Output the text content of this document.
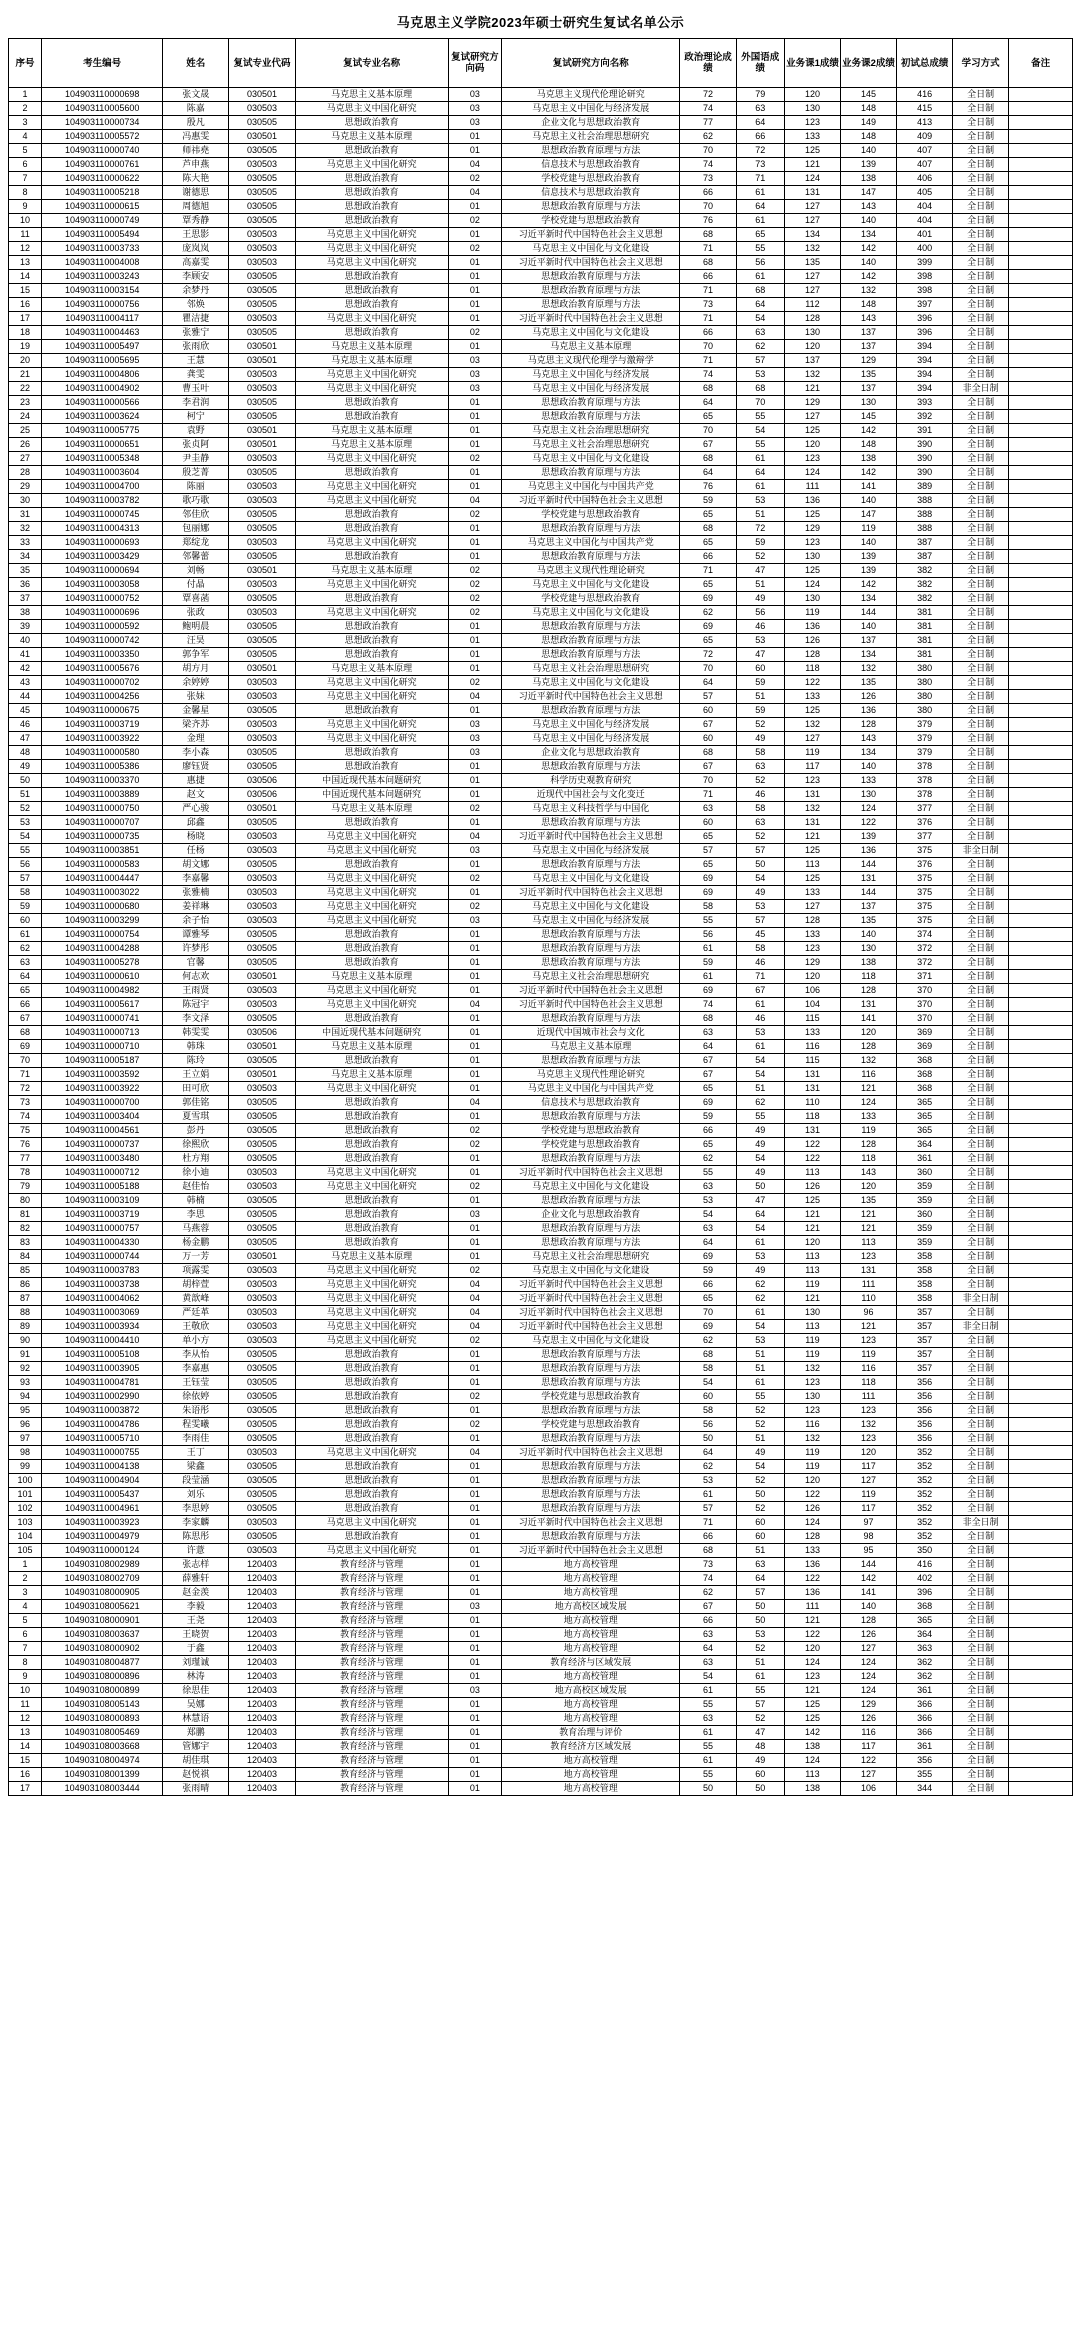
马克思主义学院2023年硕士研究生复试名单公示
序号	考生编号	姓名	复试专业代码	复试专业名称	复试研究方向码	复试研究方向名称	政治理论成绩	外国语成绩	业务课1成绩	业务课2成绩	初试总成绩	学习方式	备注
1	104903110000698	张文晟	030501	马克思主义基本原理	03	马克思主义现代伦理论研究	72	79	120	145	416	全日制	
2	104903110005600	陈嘉	030503	马克思主义中国化研究	03	马克思主义中国化与经济发展	74	63	130	148	415	全日制	
3	104903110000734	殷凡	030505	思想政治教育	03	企业文化与思想政治教育	77	64	123	149	413	全日制	
4	104903110005572	冯惠雯	030501	马克思主义基本原理	01	马克思主义社会治理思想研究	62	66	133	148	409	全日制	
5	104903110000740	师祎堯	030505	思想政治教育	01	思想政治教育原理与方法	70	72	125	140	407	全日制	
6	104903110000761	芦申燕	030503	马克思主义中国化研究	04	信息技术与思想政治教育	74	73	121	139	407	全日制	
7	104903110000622	陈大艳	030505	思想政治教育	02	学校党建与思想政治教育	73	71	124	138	406	全日制	
8	104903110005218	谢德思	030505	思想政治教育	04	信息技术与思想政治教育	66	61	131	147	405	全日制	
9	104903110000615	周德旭	030505	思想政治教育	01	思想政治教育原理与方法	70	64	127	143	404	全日制	
10	104903110000749	覃秀静	030505	思想政治教育	02	学校党建与思想政治教育	76	61	127	140	404	全日制	
11	104903110005494	王思影	030503	马克思主义中国化研究	01	习近平新时代中国特色社会主义思想	68	65	134	134	401	全日制	
12	104903110003733	庞岚岚	030503	马克思主义中国化研究	02	马克思主义中国化与文化建设	71	55	132	142	400	全日制	
13	104903110004008	高嘉雯	030503	马克思主义中国化研究	01	习近平新时代中国特色社会主义思想	68	56	135	140	399	全日制	
14	104903110003243	李顾安	030505	思想政治教育	01	思想政治教育原理与方法	66	61	127	142	398	全日制	
15	104903110003154	余梦丹	030505	思想政治教育	01	思想政治教育原理与方法	71	68	127	132	398	全日制	
16	104903110000756	邻焕	030505	思想政治教育	01	思想政治教育原理与方法	73	64	112	148	397	全日制	
17	104903110004117	瞿洁捷	030503	马克思主义中国化研究	01	习近平新时代中国特色社会主义思想	71	54	128	143	396	全日制	
18	104903110004463	张雅宁	030505	思想政治教育	02	马克思主义中国化与文化建设	66	63	130	137	396	全日制	
19	104903110005497	张雨欣	030501	马克思主义基本原理	01	马克思主义基本原理	70	62	120	137	394	全日制	
20	104903110005695	王慧	030501	马克思主义基本原理	03	马克思主义现代伦理学与激辩学	71	57	137	129	394	全日制	
21	104903110004806	龚雯	030503	马克思主义中国化研究	03	马克思主义中国化与经济发展	74	53	132	135	394	全日制	
22	104903110004902	曹玉叶	030503	马克思主义中国化研究	03	马克思主义中国化与经济发展	68	68	121	137	394	非全日制	
23	104903110000566	李君润	030505	思想政治教育	01	思想政治教育原理与方法	64	70	129	130	393	全日制	
24	104903110003624	柯宁	030505	思想政治教育	01	思想政治教育原理与方法	65	55	127	145	392	全日制	
25	104903110005775	袁野	030501	马克思主义基本原理	01	马克思主义社会治理思想研究	70	54	125	142	391	全日制	
26	104903110000651	张贞阿	030501	马克思主义基本原理	01	马克思主义社会治理思想研究	67	55	120	148	390	全日制	
27	104903110005348	尹圭静	030503	马克思主义中国化研究	02	马克思主义中国化与文化建设	68	61	123	138	390	全日制	
28	104903110003604	殷芝菁	030505	思想政治教育	01	思想政治教育原理与方法	64	64	124	142	390	全日制	
29	104903110004700	陈丽	030503	马克思主义中国化研究	01	马克思主义中国化与中国共产党	76	61	111	141	389	全日制	
30	104903110003782	歌巧歌	030503	马克思主义中国化研究	04	习近平新时代中国特色社会主义思想	59	53	136	140	388	全日制	
31	104903110000745	邻佳欣	030505	思想政治教育	02	学校党建与思想政治教育	65	51	125	147	388	全日制	
32	104903110004313	包丽娜	030505	思想政治教育	01	思想政治教育原理与方法	68	72	129	119	388	全日制	
33	104903110000693	郑绽龙	030503	马克思主义中国化研究	01	马克思主义中国化与中国共产党	65	59	123	140	387	全日制	
34	104903110003429	邻馨蕾	030505	思想政治教育	01	思想政治教育原理与方法	66	52	130	139	387	全日制	
35	104903110000694	刘畅	030501	马克思主义基本原理	02	马克思主义现代性理论研究	71	47	125	139	382	全日制	
36	104903110003058	付晶	030503	马克思主义中国化研究	02	马克思主义中国化与文化建设	65	51	124	142	382	全日制	
37	104903110000752	覃喜菡	030505	思想政治教育	02	学校党建与思想政治教育	69	49	130	134	382	全日制	
38	104903110000696	张政	030503	马克思主义中国化研究	02	马克思主义中国化与文化建设	62	56	119	144	381	全日制	
39	104903110000592	鲍明晨	030505	思想政治教育	01	思想政治教育原理与方法	69	46	136	140	381	全日制	
40	104903110000742	汪昊	030505	思想政治教育	01	思想政治教育原理与方法	65	53	126	137	381	全日制	
41	104903110003350	郭争军	030505	思想政治教育	01	思想政治教育原理与方法	72	47	128	134	381	全日制	
42	104903110005676	胡方月	030501	马克思主义基本原理	01	马克思主义社会治理思想研究	70	60	118	132	380	全日制	
43	104903110000702	余婷婷	030503	马克思主义中国化研究	02	马克思主义中国化与文化建设	64	59	122	135	380	全日制	
44	104903110004256	张妹	030503	马克思主义中国化研究	04	习近平新时代中国特色社会主义思想	57	51	133	126	380	全日制	
45	104903110000675	金馨星	030505	思想政治教育	01	思想政治教育原理与方法	60	59	125	136	380	全日制	
46	104903110003719	梁齐苏	030503	马克思主义中国化研究	03	马克思主义中国化与经济发展	67	52	132	128	379	全日制	
47	104903110003922	金理	030503	马克思主义中国化研究	03	马克思主义中国化与经济发展	60	49	127	143	379	全日制	
48	104903110000580	李小森	030505	思想政治教育	03	企业文化与思想政治教育	68	58	119	134	379	全日制	
49	104903110005386	廖钰贤	030505	思想政治教育	01	思想政治教育原理与方法	67	63	117	140	378	全日制	
50	104903110003370	惠捷	030506	中国近现代基本问题研究	01	科学历史观教育研究	70	52	123	133	378	全日制	
51	104903110003889	赵文	030506	中国近现代基本问题研究	01	近现代中国社会与文化变迁	71	46	131	130	378	全日制	
52	104903110000750	严心骏	030501	马克思主义基本原理	02	马克思主义科技哲学与中国化	63	58	132	124	377	全日制	
53	104903110000707	邱鑫	030505	思想政治教育	01	思想政治教育原理与方法	60	63	131	122	376	全日制	
54	104903110000735	杨晓	030503	马克思主义中国化研究	04	习近平新时代中国特色社会主义思想	65	52	121	139	377	全日制	
55	104903110003851	任杨	030503	马克思主义中国化研究	03	马克思主义中国化与经济发展	57	57	125	136	375	非全日制	
56	104903110000583	胡文娜	030505	思想政治教育	01	思想政治教育原理与方法	65	50	113	144	376	全日制	
57	104903110004447	李嘉馨	030503	马克思主义中国化研究	02	马克思主义中国化与文化建设	69	54	125	131	375	全日制	
58	104903110003022	张雅楠	030503	马克思主义中国化研究	01	习近平新时代中国特色社会主义思想	69	49	133	144	375	全日制	
59	104903110000680	姜祥琳	030503	马克思主义中国化研究	02	马克思主义中国化与文化建设	58	53	127	137	375	全日制	
60	104903110003299	余子怡	030503	马克思主义中国化研究	03	马克思主义中国化与经济发展	55	57	128	135	375	全日制	
61	104903110000754	谭雅琴	030505	思想政治教育	01	思想政治教育原理与方法	56	45	133	140	374	全日制	
62	104903110004288	许梦彤	030505	思想政治教育	01	思想政治教育原理与方法	61	58	123	130	372	全日制	
63	104903110005278	官馨	030505	思想政治教育	01	思想政治教育原理与方法	59	46	129	138	372	全日制	
64	104903110000610	何志欢	030501	马克思主义基本原理	01	马克思主义社会治理思想研究	61	71	120	118	371	全日制	
65	104903110004982	王雨贤	030503	马克思主义中国化研究	01	习近平新时代中国特色社会主义思想	69	67	106	128	370	全日制	
66	104903110005617	陈冠宇	030503	马克思主义中国化研究	04	习近平新时代中国特色社会主义思想	74	61	104	131	370	全日制	
67	104903110000741	李文泽	030505	思想政治教育	01	思想政治教育原理与方法	68	46	115	141	370	全日制	
68	104903110000713	韩雯雯	030506	中国近现代基本问题研究	01	近现代中国城市社会与文化	63	53	133	120	369	全日制	
69	104903110000710	韩珠	030501	马克思主义基本原理	01	马克思主义基本原理	64	61	116	128	369	全日制	
70	104903110005187	陈玲	030505	思想政治教育	01	思想政治教育原理与方法	67	54	115	132	368	全日制	
71	104903110003592	王立娟	030501	马克思主义基本原理	01	马克思主义现代性理论研究	67	54	131	116	368	全日制	
72	104903110003922	田可欣	030503	马克思主义中国化研究	01	马克思主义中国化与中国共产党	65	51	131	121	368	全日制	
73	104903110000700	郭佳铭	030505	思想政治教育	04	信息技术与思想政治教育	69	62	110	124	365	全日制	
74	104903110003404	夏雪琪	030505	思想政治教育	01	思想政治教育原理与方法	59	55	118	133	365	全日制	
75	104903110004561	彭丹	030505	思想政治教育	02	学校党建与思想政治教育	66	49	131	119	365	全日制	
76	104903110000737	徐熙欣	030505	思想政治教育	02	学校党建与思想政治教育	65	49	122	128	364	全日制	
77	104903110003480	杜方翔	030505	思想政治教育	01	思想政治教育原理与方法	62	54	122	118	361	全日制	
78	104903110000712	徐小迪	030503	马克思主义中国化研究	01	习近平新时代中国特色社会主义思想	55	49	113	143	360	全日制	
79	104903110005188	赵佳怡	030503	马克思主义中国化研究	02	马克思主义中国化与文化建设	63	50	126	120	359	全日制	
80	104903110003109	韩楠	030505	思想政治教育	01	思想政治教育原理与方法	53	47	125	135	359	全日制	
81	104903110003719	李思	030505	思想政治教育	03	企业文化与思想政治教育	54	64	121	121	360	全日制	
82	104903110000757	马燕蓉	030505	思想政治教育	01	思想政治教育原理与方法	63	54	121	121	359	全日制	
83	104903110004330	杨金鹏	030505	思想政治教育	01	思想政治教育原理与方法	64	61	120	113	359	全日制	
84	104903110000744	万一芳	030501	马克思主义基本原理	01	马克思主义社会治理思想研究	69	53	113	123	358	全日制	
85	104903110003783	项露雯	030503	马克思主义中国化研究	02	马克思主义中国化与文化建设	59	49	113	131	358	全日制	
86	104903110003738	胡梓萱	030503	马克思主义中国化研究	04	习近平新时代中国特色社会主义思想	66	62	119	111	358	全日制	
87	104903110004062	黄歆峰	030503	马克思主义中国化研究	04	习近平新时代中国特色社会主义思想	65	62	121	110	358	非全日制	
88	104903110003069	严廷革	030503	马克思主义中国化研究	04	习近平新时代中国特色社会主义思想	70	61	130	96	357	全日制	
89	104903110003934	王敬欣	030503	马克思主义中国化研究	04	习近平新时代中国特色社会主义思想	69	54	113	121	357	非全日制	
90	104903110004410	单小方	030503	马克思主义中国化研究	02	马克思主义中国化与文化建设	62	53	119	123	357	全日制	
91	104903110005108	李从怡	030505	思想政治教育	01	思想政治教育原理与方法	68	51	119	119	357	全日制	
92	104903110003905	李嘉惠	030505	思想政治教育	01	思想政治教育原理与方法	58	51	132	116	357	全日制	
93	104903110004781	王钰莹	030505	思想政治教育	01	思想政治教育原理与方法	54	61	123	118	356	全日制	
94	104903110002990	徐依婷	030505	思想政治教育	02	学校党建与思想政治教育	60	55	130	111	356	全日制	
95	104903110003872	朱语彤	030505	思想政治教育	01	思想政治教育原理与方法	58	52	123	123	356	全日制	
96	104903110004786	程雯曦	030505	思想政治教育	02	学校党建与思想政治教育	56	52	116	132	356	全日制	
97	104903110005710	李雨佳	030505	思想政治教育	01	思想政治教育原理与方法	50	51	132	123	356	全日制	
98	104903110000755	王丁	030503	马克思主义中国化研究	04	习近平新时代中国特色社会主义思想	64	49	119	120	352	全日制	
99	104903110004138	梁鑫	030505	思想政治教育	01	思想政治教育原理与方法	62	54	119	117	352	全日制	
100	104903110004904	段莹涵	030505	思想政治教育	01	思想政治教育原理与方法	53	52	120	127	352	全日制	
101	104903110005437	刘乐	030505	思想政治教育	01	思想政治教育原理与方法	61	50	122	119	352	全日制	
102	104903110004961	李思婷	030505	思想政治教育	01	思想政治教育原理与方法	57	52	126	117	352	全日制	
103	104903110003923	李家麟	030503	马克思主义中国化研究	01	习近平新时代中国特色社会主义思想	71	60	124	97	352	非全日制	
104	104903110004979	陈思彤	030505	思想政治教育	01	思想政治教育原理与方法	66	60	128	98	352	全日制	
105	104903110000124	许薏	030503	马克思主义中国化研究	01	习近平新时代中国特色社会主义思想	68	51	133	95	350	全日制	
1	104903108002989	张志样	120403	教育经济与管理	01	地方高校管理	73	63	136	144	416	全日制	
2	104903108002709	薛雅轩	120403	教育经济与管理	01	地方高校管理	74	64	122	142	402	全日制	
3	104903108000905	赵金羡	120403	教育经济与管理	01	地方高校管理	62	57	136	141	396	全日制	
4	104903108005621	李毅	120403	教育经济与管理	03	地方高校区域发展	67	50	111	140	368	全日制	
5	104903108000901	王尧	120403	教育经济与管理	01	地方高校管理	66	50	121	128	365	全日制	
6	104903108003637	王晓贺	120403	教育经济与管理	01	地方高校管理	63	53	122	126	364	全日制	
7	104903108000902	于鑫	120403	教育经济与管理	01	地方高校管理	64	52	120	127	363	全日制	
8	104903108004877	刘瑾诚	120403	教育经济与管理	01	教育经济与区域发展	63	51	124	124	362	全日制	
9	104903108000896	林涛	120403	教育经济与管理	01	地方高校管理	54	61	123	124	362	全日制	
10	104903108000899	徐思佳	120403	教育经济与管理	03	地方高校区域发展	61	55	121	124	361	全日制	
11	104903108005143	吴娜	120403	教育经济与管理	01	地方高校管理	55	57	125	129	366	全日制	
12	104903108000893	林慧语	120403	教育经济与管理	01	地方高校管理	63	52	125	126	366	全日制	
13	104903108005469	郑鹏	120403	教育经济与管理	01	教育治理与评价	61	47	142	116	366	全日制	
14	104903108003668	管娜宇	120403	教育经济与管理	01	教育经济方区域发展	55	48	138	117	361	全日制	
15	104903108004974	胡佳琪	120403	教育经济与管理	01	地方高校管理	61	49	124	122	356	全日制	
16	104903108001399	赵悦祺	120403	教育经济与管理	01	地方高校管理	55	60	113	127	355	全日制	
17	104903108003444	张雨晴	120403	教育经济与管理	01	地方高校管理	50	50	138	106	344	全日制	
